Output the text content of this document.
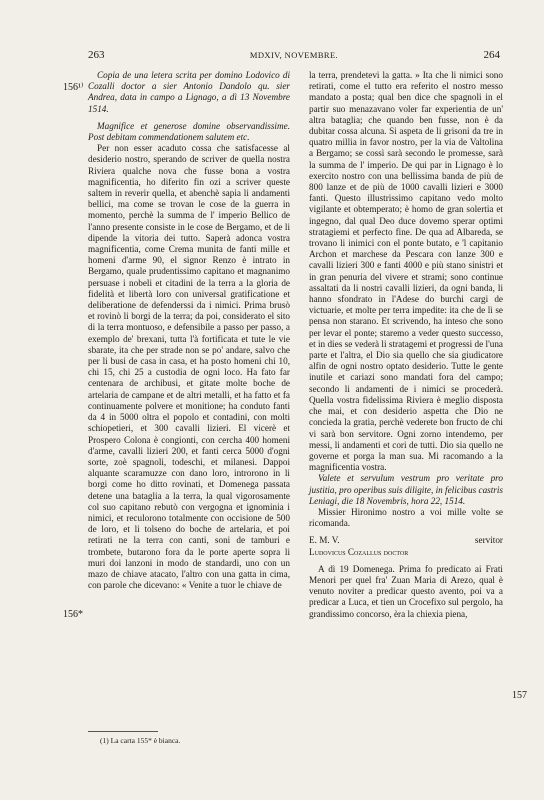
263	MDXIV, NOVEMBRE.	264
156¹⁾
156*
157

Copia de una letera scrita per domino Lodovico di Cozalli doctor a sier Antonio Dandolo qu. sier Andrea, data in campo a Lignago, a dì 13 Novembre 1514.

Magnifice et generose domine observandissime. Post debitam commendationem salutem etc.

Per non esser acaduto cossa che satisfacesse al desiderio nostro, sperando de scriver de quella nostra Riviera qualche nova che fusse bona a vostra magnificentia, ho diferito fin ozi a scriver queste saltem in reverir quella, et abenchè sapia li andamenti bellici, ma come se trovan le cose de la guerra in momento, perchè la summa de l' imperio Bellico de l'anno presente consiste in le cose de Bergamo, et de li dipende la vitoria dei tutto. Saperà adonca vostra magnificentia, come Crema munita de fanti mille et homeni d'arme 90, el signor Renzo è intrato in Bergamo, quale prudentissimo capitano et magnanimo persuase i nobeli et citadini de la terra a la gloria de fidelità et libertà loro con universal gratificatione et deliberatione de defenderssi da i nimici. Prima brusò et rovinò li borgi de la terra; da poi, considerato el sito di la terra montuoso, e defensibile a passo per passo, a exemplo de' brexani, tutta l'à fortificata et tute le vie sbarate, ita che per strade non se po' andare, salvo che per li busi de casa in casa, et ha posto homeni chi 10, chi 15, chi 25 a custodia de ogni loco. Ha fato far centenara de archibusi, et gitate molte boche de artelaria de campane et de altri metalli, et ha fatto et fa continuamente polvere et monitione; ha conduto fanti da 4 in 5000 oltra el popolo et contadini, con molti schiopetieri, et 300 cavalli lizieri. El vicerè et Prospero Colona è congionti, con cercha 400 homeni d'arme, cavalli lizieri 200, et fanti cerca 5000 d'ogni sorte, zoè spagnoli, todeschi, et milanesi. Dappoi alquante scaramuzze con dano loro, introrono in li borgi come ho ditto rovinati, et Domenega passata detene una bataglia a la terra, la qual vigorosamente col suo capitano rebutò con vergogna et ignominia i nimici, et reculorono totalmente con occisione de 500 de loro, et li tolseno do boche de artelaria, et poi retirati ne la terra con canti, soni de tamburi e trombete, butarono fora da le porte aperte sopra li muri doi lanzoni in modo de standardi, uno con un mazo de chiave atacato, l'altro con una gatta in cima, con parole che dicevano: « Venite a tuor le chiave de

la terra, prendetevi la gatta. » Ita che li nimici sono retirati, come el tutto era referito el nostro messo mandato a posta; qual ben dice che spagnoli in el partir suo menazavano voler far experientia de un' altra bataglia; che quando ben fusse, non è da dubitar cossa alcuna. Si aspeta de li grisoni da tre in quatro millia in favor nostro, per la via de Valtolina a Bergamo; se cossì sarà secondo le promesse, sarà la summa de l' imperio. De qui par in Lignago è lo exercito nostro con una bellissima banda de più de 800 lanze et de più de 1000 cavalli lizieri e 3000 fanti. Questo illustrissimo capitano vedo molto vigilante et obtemperato; è homo de gran solertia et ingegno, dal qual Deo duce dovemo sperar optimi stratagiemi et perfecto fine. De qua ad Albareda, se trovano li inimici con el ponte butato, e 'l capitanio Archon et marchese da Pescara con lanze 300 e cavalli lizieri 300 e fanti 4000 e più stano sinistri et in gran penuria del vivere et strami; sono continue assaltati da li nostri cavalli lizieri, da ogni banda, li hanno sfondrato in l'Adese do burchi cargi de victuarie, et molte per terra impedite: ita che de lì se pensa non starano. Et scrivendo, ha inteso che sono per levar el ponte; staremo a veder questo successo, et in dies se vederà li stratagemi et progressi de l'una parte et l'altra, el Dio sia quello che sia giudicatore alfin de ogni nostro optato desiderio. Tutte le gente inutile et cariazi sono mandati fora del campo; secondo li andamenti de i nimici se procederà. Quella vostra fidelissima Riviera è meglio disposta che mai, et con desiderio aspetta che Dio ne concieda la gratia, perchè vederete bon fructo de chi vi sarà bon servitore. Ogni zorno intendemo, per messi, li andamenti et cori de tutti. Dio sia quello ne governe et porga la man sua. Mi racomando a la magnificentia vostra.

Valete et servulum vestrum pro veritate pro justitia, pro operibus suis diligite, in felicibus castris Leniagi, die 18 Novembris, hora 22, 1514.

Missier Hironimo nostro a voi mille volte se ricomanda.

E. M. V.	servitor

Ludovicus Cozallus doctor

A dì 19 Domenega. Prima fo predicato ai Frati Menori per quel fra' Zuan Maria di Arezo, qual è venuto noviter a predicar questo avento, poi va a predicar a Luca, et tien un Crocefixo sul pergolo, ha grandissimo concorso, èra la chiexia piena,

(1) La carta 155* è bianca.
